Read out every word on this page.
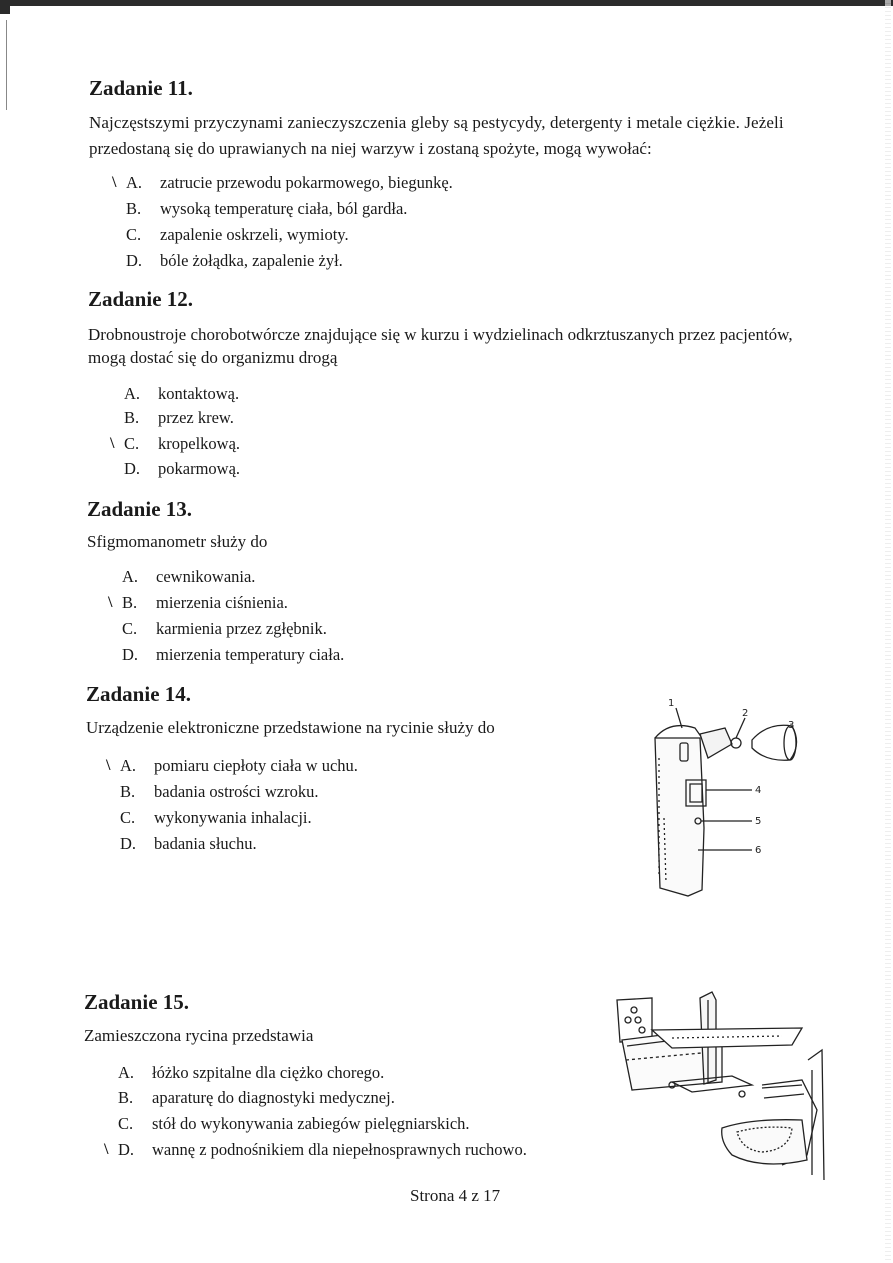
Zadanie 11.
Najczęstszymi przyczynami zanieczyszczenia gleby są pestycydy, detergenty i metale ciężkie. Jeżeli
przedostaną się do uprawianych na niej warzyw i zostaną spożyte, mogą wywołać:
\ A. zatrucie przewodu pokarmowego, biegunkę.
B. wysoką temperaturę ciała, ból gardła.
C. zapalenie oskrzeli, wymioty.
D. bóle żołądka, zapalenie żył.
Zadanie 12.
Drobnoustroje chorobotwórcze znajdujące się w kurzu i wydzielinach odkrztuszanych przez pacjentów,
mogą dostać się do organizmu drogą
A. kontaktową.
B. przez krew.
\ C. kropelkową.
D. pokarmową.
Zadanie 13.
Sfigmomanometr służy do
A. cewnikowania.
\ B. mierzenia ciśnienia.
C. karmienia przez zgłębnik.
D. mierzenia temperatury ciała.
Zadanie 14.
Urządzenie elektroniczne przedstawione na rycinie służy do
\ A. pomiaru ciepłoty ciała w uchu.
B. badania ostrości wzroku.
C. wykonywania inhalacji.
D. badania słuchu.
1
2
3
4
5
6
Zadanie 15.
Zamieszczona rycina przedstawia
A. łóżko szpitalne dla ciężko chorego.
B. aparaturę do diagnostyki medycznej.
C. stół do wykonywania zabiegów pielęgniarskich.
\ D. wannę z podnośnikiem dla niepełnosprawnych ruchowo.
Strona 4 z 17
